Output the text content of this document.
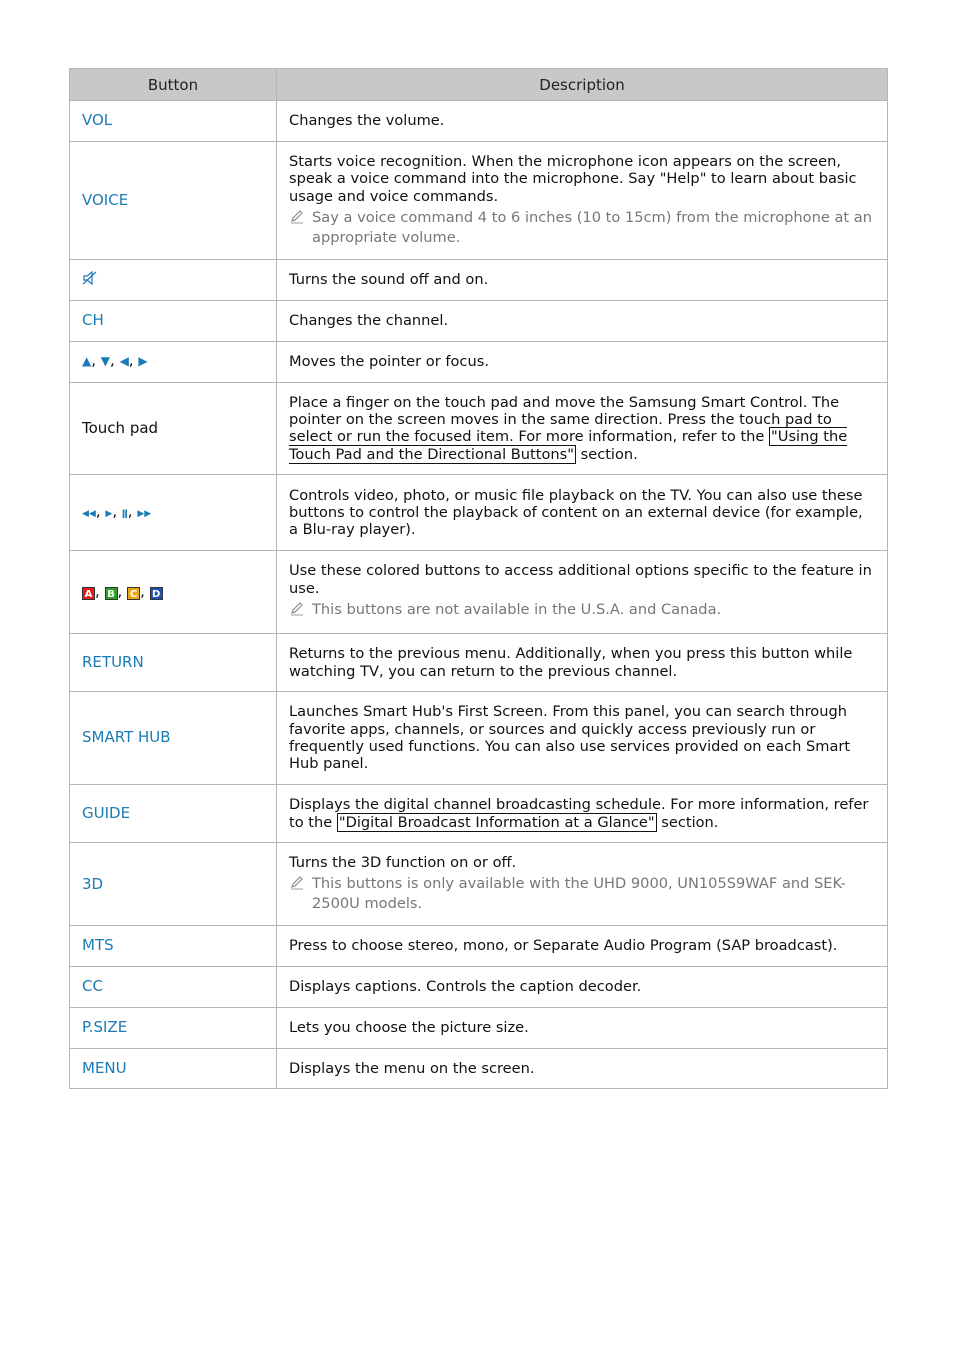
Button	Description
VOL	Changes the volume.
VOICE	Starts voice recognition. When the microphone icon appears on the screen, speak a voice command into the microphone. Say "Help" to learn about basic usage and voice commands.
Say a voice command 4 to 6 inches (10 to 15cm) from the microphone at an appropriate volume.

	Turns the sound off and on.
CH	Changes the channel.
▲, ▼, ◀, ▶	Moves the pointer or focus.
Touch pad	Place a finger on the touch pad and move the Samsung Smart Control. The pointer on the screen moves in the same direction. Press the touch pad to select or run the focused item. For more information, refer to the "Using the Touch Pad and the Directional Buttons" section.
◀◀, ▶, ǁ, ▶▶	Controls video, photo, or music file playback on the TV. You can also use these buttons to control the playback of content on an external device (for example, a Blu-ray player).
A , B , C , D	Use these colored buttons to access additional options specific to the feature in use.
This buttons are not available in the U.S.A. and Canada.

RETURN	Returns to the previous menu. Additionally, when you press this button while watching TV, you can return to the previous channel.
SMART HUB	Launches Smart Hub's First Screen. From this panel, you can search through favorite apps, channels, or sources and quickly access previously run or frequently used functions. You can also use services provided on each Smart Hub panel.
GUIDE	Displays the digital channel broadcasting schedule. For more information, refer to the "Digital Broadcast Information at a Glance" section.
3D	Turns the 3D function on or off.
This buttons is only available with the UHD 9000, UN105S9WAF and SEK-2500U models.

MTS	Press to choose stereo, mono, or Separate Audio Program (SAP broadcast).
CC	Displays captions. Controls the caption decoder.
P.SIZE	Lets you choose the picture size.
MENU	Displays the menu on the screen.
